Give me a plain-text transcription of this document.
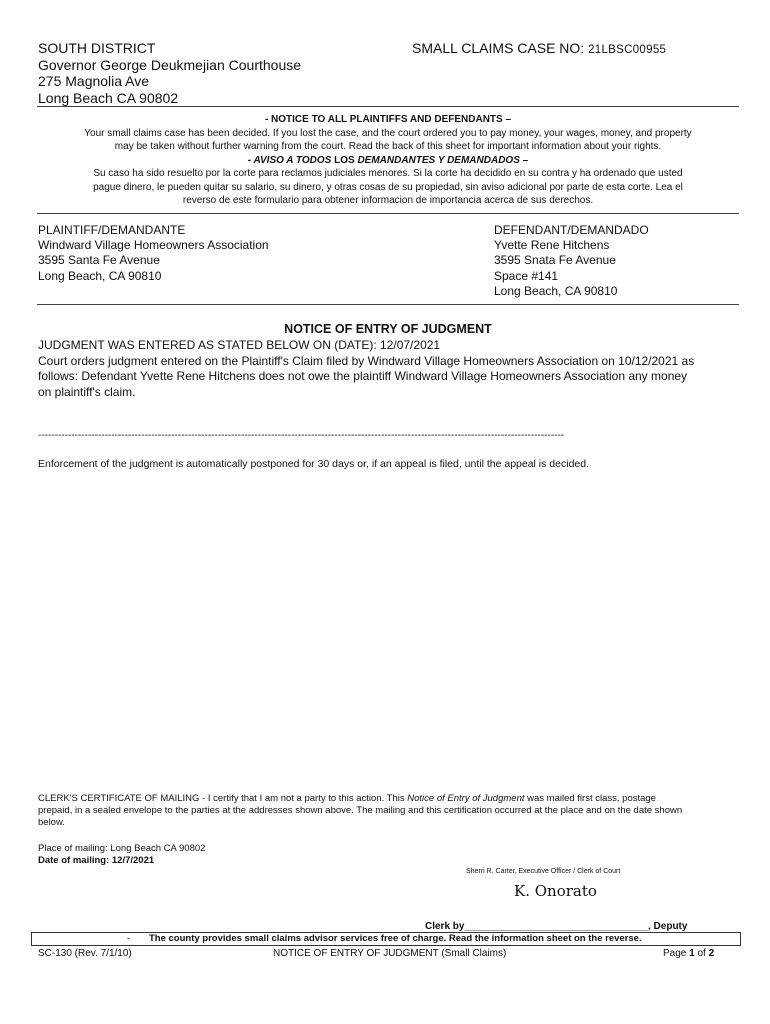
SOUTH DISTRICT
Governor George Deukmejian Courthouse
275 Magnolia Ave
Long Beach CA 90802
SMALL CLAIMS CASE NO: 21LBSC00955
- NOTICE TO ALL PLAINTIFFS AND DEFENDANTS –
Your small claims case has been decided. If you lost the case, and the court ordered you to pay money, your wages, money, and property
may be taken without further warning from the court. Read the back of this sheet for important information about your rights.
- AVISO A TODOS LOS DEMANDANTES Y DEMANDADOS –
Su caso ha sido resuelto por la corte para reclamos judiciales menores. Si la corte ha decidido en su contra y ha ordenado que usted
pague dinero, le pueden quitar su salario, su dinero, y otras cosas de su propiedad, sin aviso adicional por parte de esta corte. Lea el
reverso de este formulario para obtener informacion de importancia acerca de sus derechos.
PLAINTIFF/DEMANDANTE
Windward Village Homeowners Association
3595 Santa Fe Avenue
Long Beach, CA 90810
DEFENDANT/DEMANDADO
Yvette Rene Hitchens
3595 Snata Fe Avenue
Space #141
Long Beach, CA 90810
NOTICE OF ENTRY OF JUDGMENT
JUDGMENT WAS ENTERED AS STATED BELOW ON (DATE): 12/07/2021
Court orders judgment entered on the Plaintiff's Claim filed by Windward Village Homeowners Association on 10/12/2021 as
follows: Defendant Yvette Rene Hitchens does not owe the plaintiff Windward Village Homeowners Association any money
on plaintiff's claim.
--------------------------------------------------------------------------------------------------------------------------------------------------------------
Enforcement of the judgment is automatically postponed for 30 days or, if an appeal is filed, until the appeal is decided.
CLERK'S CERTIFICATE OF MAILING - I certify that I am not a party to this action. This Notice of Entry of Judgment was mailed first class, postage
prepaid, in a sealed envelope to the parties at the addresses shown above. The mailing and this certification occurred at the place and on the date shown
below.
Place of mailing: Long Beach CA 90802
Date of mailing: 12/7/2021
Sherri R. Carter, Executive Officer / Clerk of Court
K. Onorato
Clerk by_________________________________, Deputy
- The county provides small claims advisor services free of charge. Read the information sheet on the reverse.
SC-130 (Rev. 7/1/10)	NOTICE OF ENTRY OF JUDGMENT (Small Claims)	Page 1 of 2
